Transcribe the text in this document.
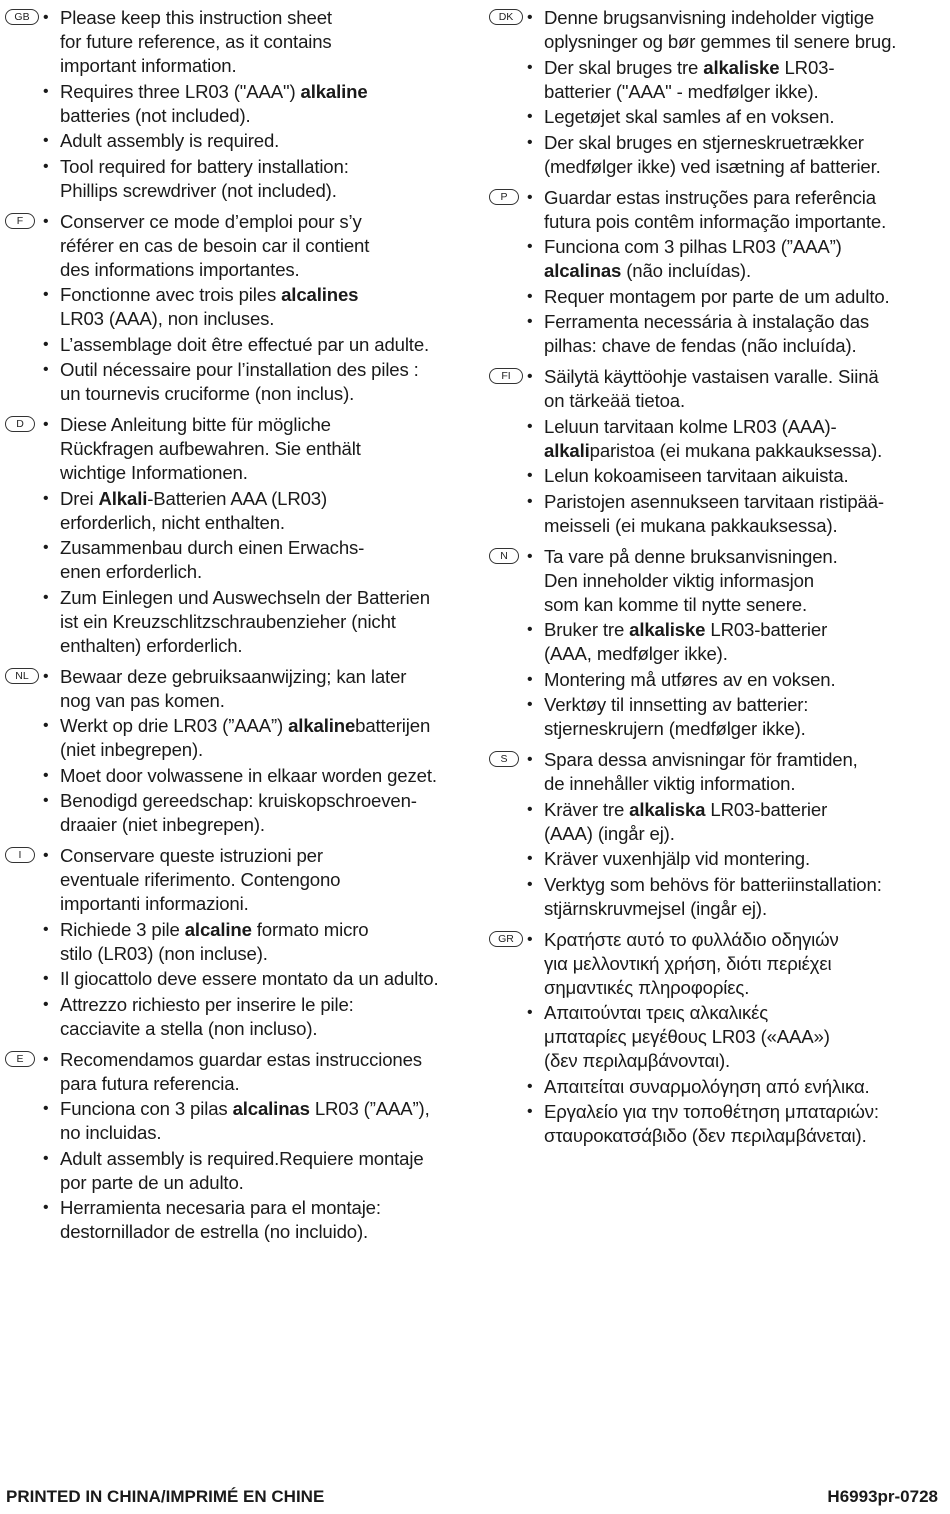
GB • Please keep this instruction sheet
for future reference, as it contains
important information.
• Requires three LR03 ("AAA") alkaline
batteries (not included).
• Adult assembly is required.
• Tool required for battery installation:
Phillips screwdriver (not included).
F	• Conserver ce mode d’emploi pour s’y
référer en cas de besoin car il contient
des informations importantes.
• Fonctionne avec trois piles alcalines
LR03 (AAA), non incluses.
• L’assemblage doit être effectué par un adulte.
• Outil nécessaire pour l’installation des piles :
un tournevis cruciforme (non inclus).
D	• Diese Anleitung bitte für mögliche
Rückfragen aufbewahren. Sie enthält
wichtige Informationen.
• Drei Alkali-Batterien AAA (LR03)
erforderlich, nicht enthalten.
• Zusammenbau durch einen Erwachs-
enen erforderlich.
• Zum Einlegen und Auswechseln der Batterien
ist ein Kreuzschlitzschraubenzieher (nicht
enthalten) erforderlich.
NL • Bewaar deze gebruiksaanwijzing; kan later
nog van pas komen.
• Werkt op drie LR03 (”AAA”) alkalinebatterijen
(niet inbegrepen).
• Moet door volwassene in elkaar worden gezet.
• Benodigd gereedschap: kruiskopschroeven-
draaier (niet inbegrepen).
I	• Conservare queste istruzioni per
eventuale riferimento. Contengono
importanti informazioni.
• Richiede 3 pile alcaline formato micro
stilo (LR03) (non incluse).
• Il giocattolo deve essere montato da un adulto.
• Attrezzo richiesto per inserire le pile:
cacciavite a stella (non incluso).
E	• Recomendamos guardar estas instrucciones
para futura referencia.
• Funciona con 3 pilas alcalinas LR03 (”AAA”),
no incluidas.
• Adult assembly is required.Requiere montaje
por parte de un adulto.
• Herramienta necesaria para el montaje:
destornillador de estrella (no incluido).
DK • Denne brugsanvisning indeholder vigtige
oplysninger og bør gemmes til senere brug.
• Der skal bruges tre alkaliske LR03-
batterier ("AAA" - medfølger ikke).
• Legetøjet skal samles af en voksen.
• Der skal bruges en stjerneskruetrækker
(medfølger ikke) ved isætning af batterier.
P	• Guardar estas instruções para referência
futura pois contêm informação importante.
• Funciona com 3 pilhas LR03 (”AAA”)
alcalinas (não incluídas).
• Requer montagem por parte de um adulto.
• Ferramenta necessária à instalação das
pilhas: chave de fendas (não incluída).
FI	• Säilytä käyttöohje vastaisen varalle. Siinä
on tärkeää tietoa.
• Leluun tarvitaan kolme LR03 (AAA)-
alkaliparistoa (ei mukana pakkauksessa).
• Lelun kokoamiseen tarvitaan aikuista.
• Paristojen asennukseen tarvitaan ristipää-
meisseli (ei mukana pakkauksessa).
N	• Ta vare på denne bruksanvisningen.
Den inneholder viktig informasjon
som kan komme til nytte senere.
• Bruker tre alkaliske LR03-batterier
(AAA, medfølger ikke).
• Montering må utføres av en voksen.
• Verktøy til innsetting av batterier:
stjerneskrujern (medfølger ikke).
S	• Spara dessa anvisningar för framtiden,
de innehåller viktig information.
• Kräver tre alkaliska LR03-batterier
(AAA) (ingår ej).
• Kräver vuxenhjälp vid montering.
• Verktyg som behövs för batteriinstallation:
stjärnskruvmejsel (ingår ej).
GR • Κρατήστε αυτό το φυλλάδιο οδηγιών
για μελλοντική χρήση, διότι περιέχει
σημαντικές πληροφορίες.
• Απαιτούνται τρεις αλκαλικές
μπαταρίες μεγέθους LR03 («AAA»)
(δεν περιλαμβάνονται).
• Απαιτείται συναρμολόγηση από ενήλικα.
• Εργαλείο για την τοποθέτηση μπαταριών:
σταυροκατσάβιδο (δεν περιλαμβάνεται).
PRINTED IN CHINA/IMPRIMÉ EN CHINE	H6993pr-0728
